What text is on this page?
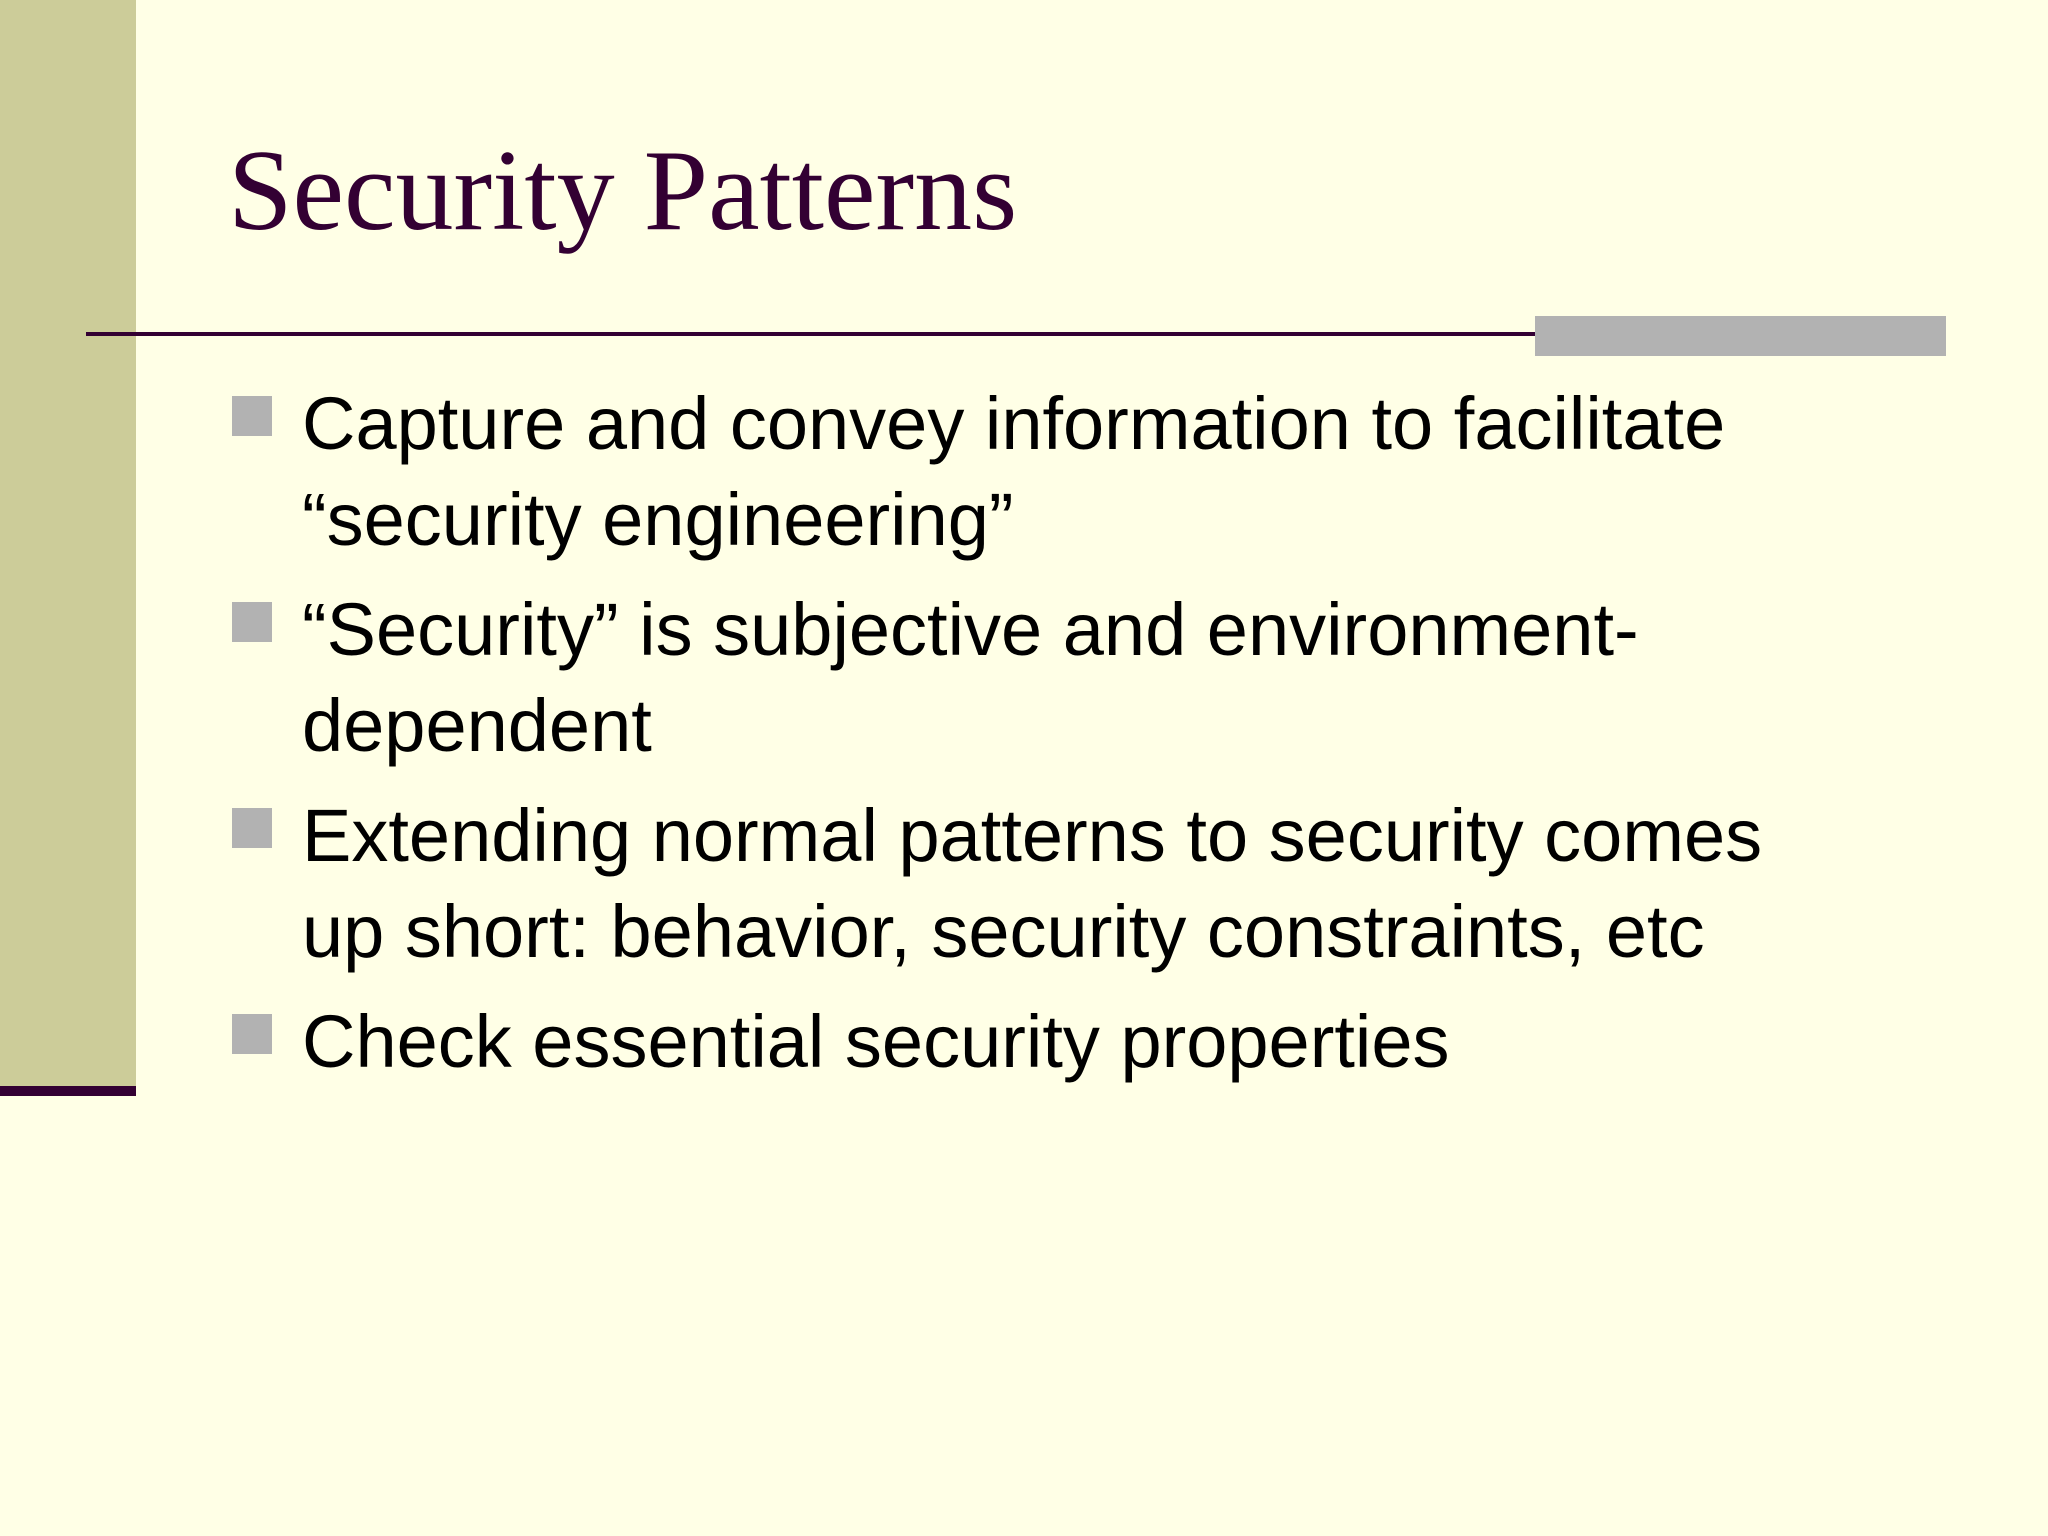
Security Patterns
Capture and convey information to facilitate
“security engineering”
“Security” is subjective and environment-
dependent
Extending normal patterns to security comes
up short: behavior, security constraints, etc
Check essential security properties
